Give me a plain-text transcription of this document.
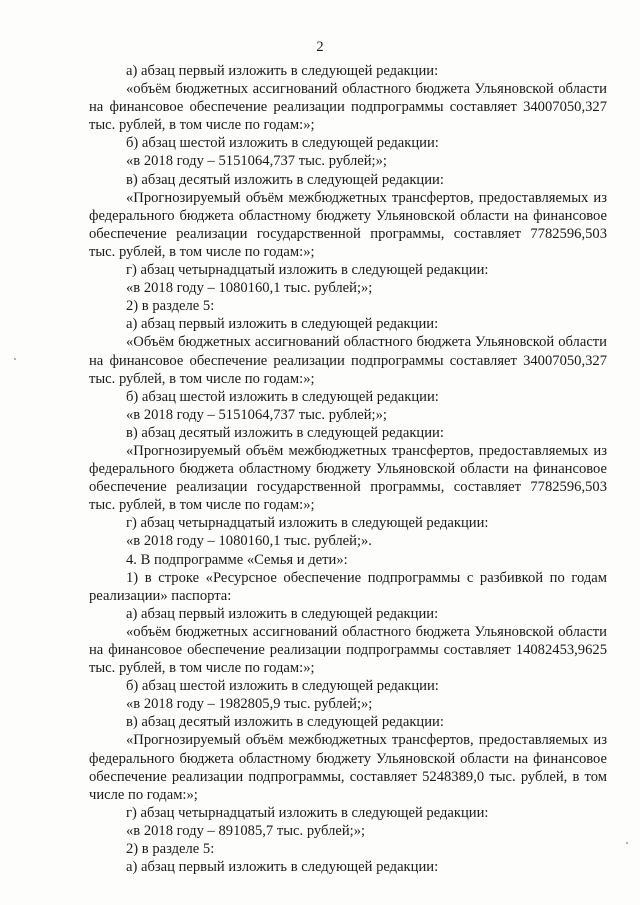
2

а) абзац первый изложить в следующей редакции:

«объём бюджетных ассигнований областного бюджета Ульяновской области на финансовое обеспечение реализации подпрограммы составляет 34007050,327 тыс. рублей, в том числе по годам:»;

б) абзац шестой изложить в следующей редакции:

«в 2018 году – 5151064,737 тыс. рублей;»;

в) абзац десятый изложить в следующей редакции:

«Прогнозируемый объём межбюджетных трансфертов, предоставляемых из федерального бюджета областному бюджету Ульяновской области на финансовое обеспечение реализации государственной программы, составляет 7782596,503 тыс. рублей, в том числе по годам:»;

г) абзац четырнадцатый изложить в следующей редакции:

«в 2018 году – 1080160,1 тыс. рублей;»;

2) в разделе 5:

а) абзац первый изложить в следующей редакции:

«Объём бюджетных ассигнований областного бюджета Ульяновской области на финансовое обеспечение реализации подпрограммы составляет 34007050,327 тыс. рублей, в том числе по годам:»;

б) абзац шестой изложить в следующей редакции:

«в 2018 году – 5151064,737 тыс. рублей;»;

в) абзац десятый изложить в следующей редакции:

«Прогнозируемый объём межбюджетных трансфертов, предоставляемых из федерального бюджета областному бюджету Ульяновской области на финансовое обеспечение реализации государственной программы, составляет 7782596,503 тыс. рублей, в том числе по годам:»;

г) абзац четырнадцатый изложить в следующей редакции:

«в 2018 году – 1080160,1 тыс. рублей;».

4. В подпрограмме «Семья и дети»:

1) в строке «Ресурсное обеспечение подпрограммы с разбивкой по годам реализации» паспорта:

а) абзац первый изложить в следующей редакции:

«объём бюджетных ассигнований областного бюджета Ульяновской области на финансовое обеспечение реализации подпрограммы составляет 14082453,9625 тыс. рублей, в том числе по годам:»;

б) абзац шестой изложить в следующей редакции:

«в 2018 году – 1982805,9 тыс. рублей;»;

в) абзац десятый изложить в следующей редакции:

«Прогнозируемый объём межбюджетных трансфертов, предоставляемых из федерального бюджета областному бюджету Ульяновской области на финансовое обеспечение реализации подпрограммы, составляет 5248389,0 тыс. рублей, в том числе по годам:»;

г) абзац четырнадцатый изложить в следующей редакции:

«в 2018 году – 891085,7 тыс. рублей;»;

2) в разделе 5:

а) абзац первый изложить в следующей редакции:
